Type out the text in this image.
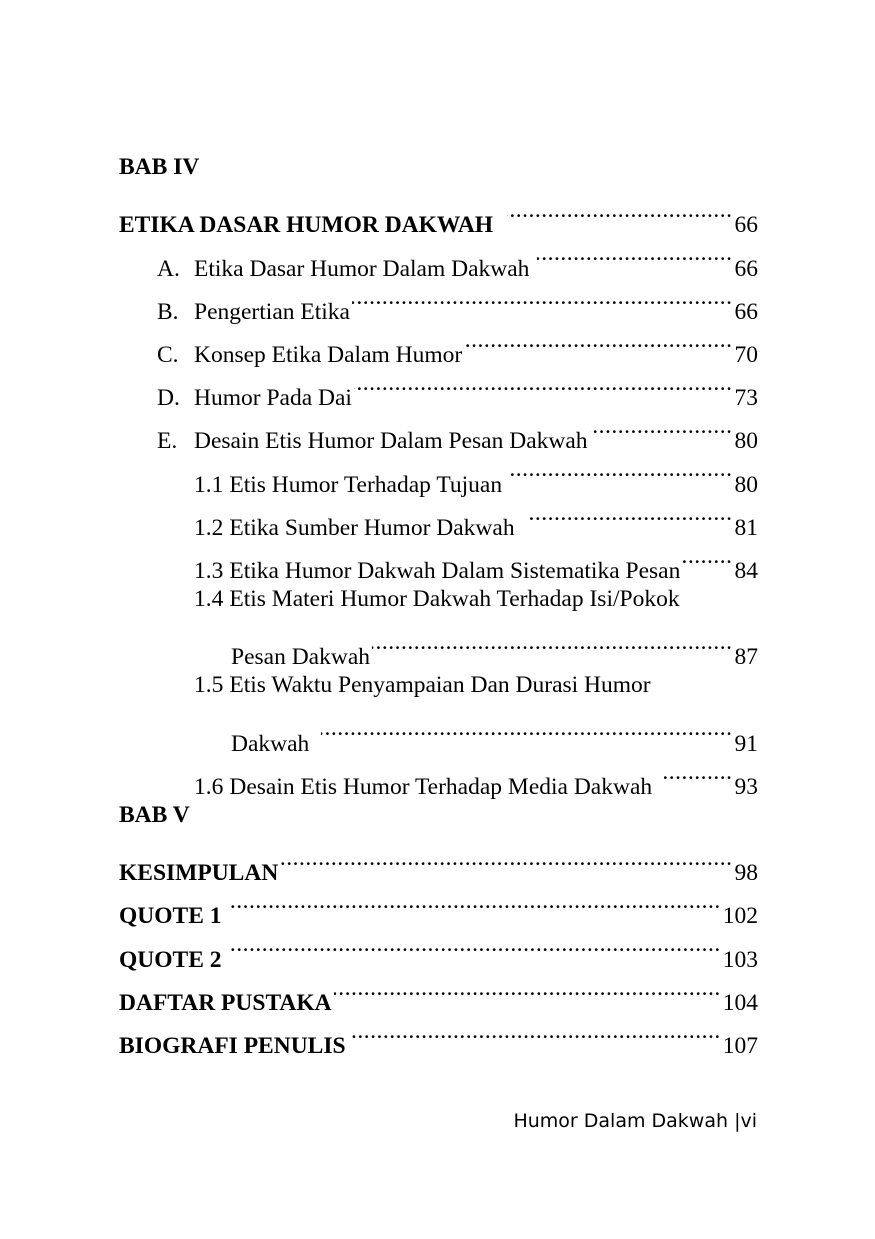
BAB IV
ETIKA DASAR HUMOR DAKWAH .....	66
A. Etika Dasar Humor Dalam Dakwah .....	66
B. Pengertian Etika .....	66
C. Konsep Etika Dalam Humor .....	70
D. Humor Pada Dai .....	73
E. Desain Etis Humor Dalam Pesan Dakwah .....	80
1.1 Etis Humor Terhadap Tujuan .....	80
1.2 Etika Sumber Humor Dakwah .....	81
1.3 Etika Humor Dakwah Dalam Sistematika Pesan ..... 84
1.4 Etis Materi Humor Dakwah Terhadap Isi/Pokok
Pesan Dakwah .....	87
1.5 Etis Waktu Penyampaian Dan Durasi Humor
Dakwah .....	91
1.6 Desain Etis Humor Terhadap Media Dakwah .....	93
BAB V
KESIMPULAN .....	98
QUOTE 1 .....	102
QUOTE 2 .....	103
DAFTAR PUSTAKA .....	104
BIOGRAFI PENULIS .....	107
Humor Dalam Dakwah |vi
